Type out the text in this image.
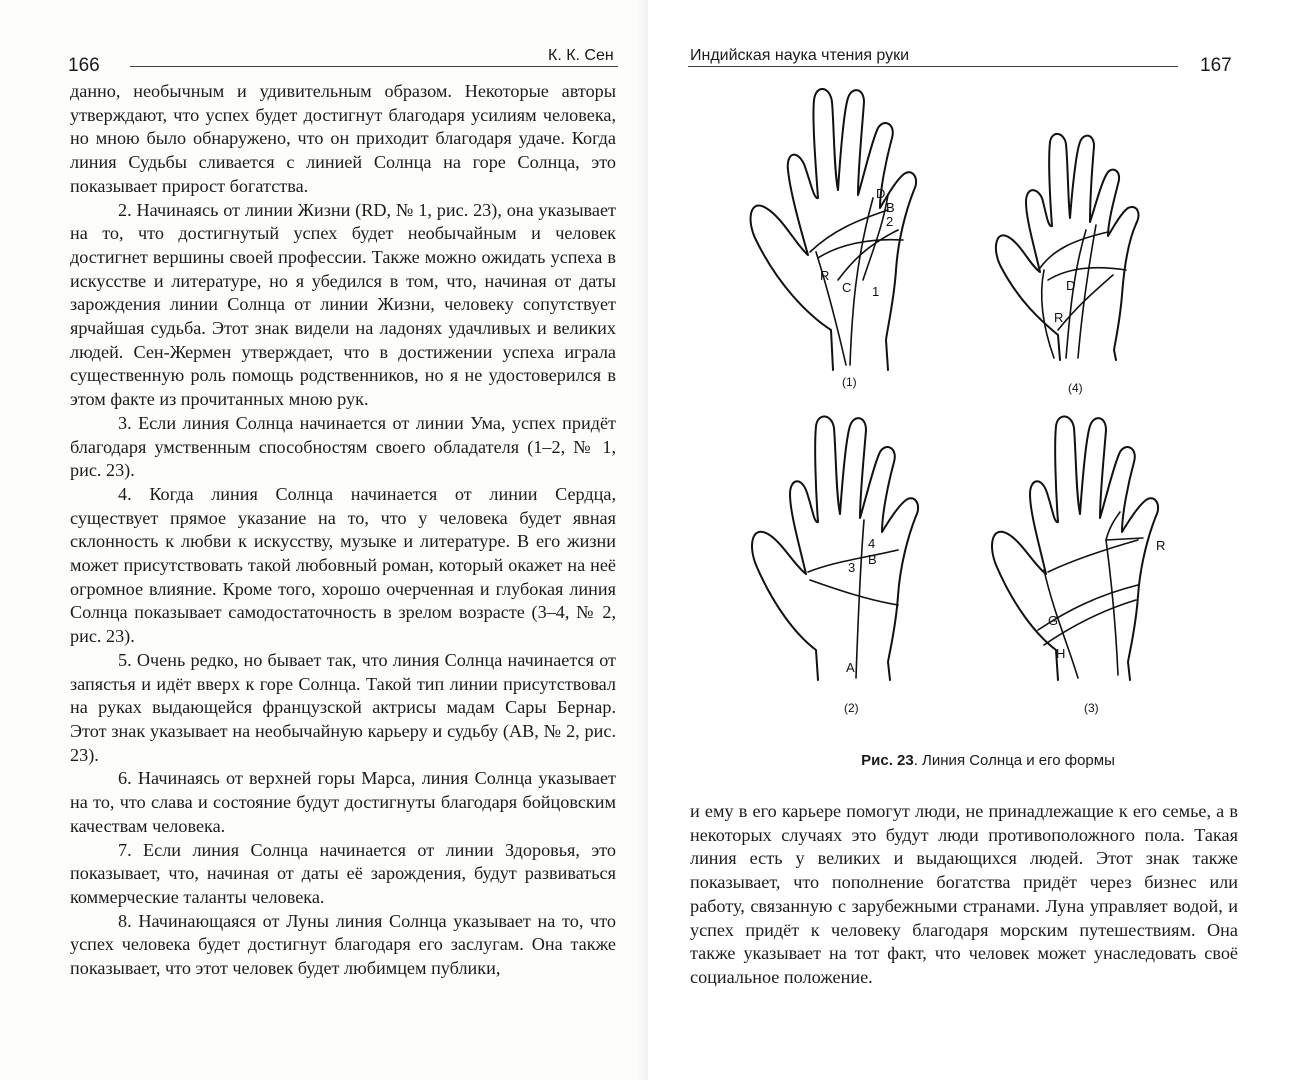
166	К. К. Сен

данно, необычным и удивительным образом. Некоторые авторы утверждают, что успех будет достигнут благодаря усилиям человека, но мною было обнаружено, что он приходит благодаря удаче. Когда линия Судьбы сливается с линией Солнца на горе Солнца, это показывает прирост богатства.

2. Начинаясь от линии Жизни (RD, № 1, рис. 23), она указывает на то, что достигнутый успех будет необычайным и человек достигнет вершины своей профессии. Также можно ожидать успеха в искусстве и литературе, но я убедился в том, что, начиная от даты зарождения линии Солнца от линии Жизни, человеку сопутствует ярчайшая судьба. Этот знак видели на ладонях удачливых и великих людей. Сен-Жермен утверждает, что в достижении успеха играла существенную роль помощь родственников, но я не удостоверился в этом факте из прочитанных мною рук.

3. Если линия Солнца начинается от линии Ума, успех придёт благодаря умственным способностям своего обладателя (1–2, № 1, рис. 23).

4. Когда линия Солнца начинается от линии Сердца, существует прямое указание на то, что у человека будет явная склонность к любви к искусству, музыке и литературе. В его жизни может присутствовать такой любовный роман, который окажет на неё огромное влияние. Кроме того, хорошо очерченная и глубокая линия Солнца показывает самодостаточность в зрелом возрасте (3–4, № 2, рис. 23).

5. Очень редко, но бывает так, что линия Солнца начинается от запястья и идёт вверх к горе Солнца. Такой тип линии присутствовал на руках выдающейся французской актрисы мадам Сары Бернар. Этот знак указывает на необычайную карьеру и судьбу (АВ, № 2, рис. 23).

6. Начинаясь от верхней горы Марса, линия Солнца указывает на то, что слава и состояние будут достигнуты благодаря бойцовским качествам человека.

7. Если линия Солнца начинается от линии Здоровья, это показывает, что, начиная от даты её зарождения, будут развиваться коммерческие таланты человека.

8. Начинающаяся от Луны линия Солнца указывает на то, что успех человека будет достигнут благодаря его заслугам. Она также показывает, что этот человек будет любимцем публики,

Индийская наука чтения руки	167
R
C 1
D
B
2
(1)
D
R
(4)
A
3
4
B
(2)
R
G
H
(3)
Рис. 23. Линия Солнца и его формы

и ему в его карьере помогут люди, не принадлежащие к его семье, а в некоторых случаях это будут люди противоположного пола. Такая линия есть у великих и выдающихся людей. Этот знак также показывает, что пополнение богатства придёт через бизнес или работу, связанную с зарубежными странами. Луна управляет водой, и успех придёт к человеку благодаря морским путешествиям. Она также указывает на тот факт, что человек может унаследовать своё социальное положение.
